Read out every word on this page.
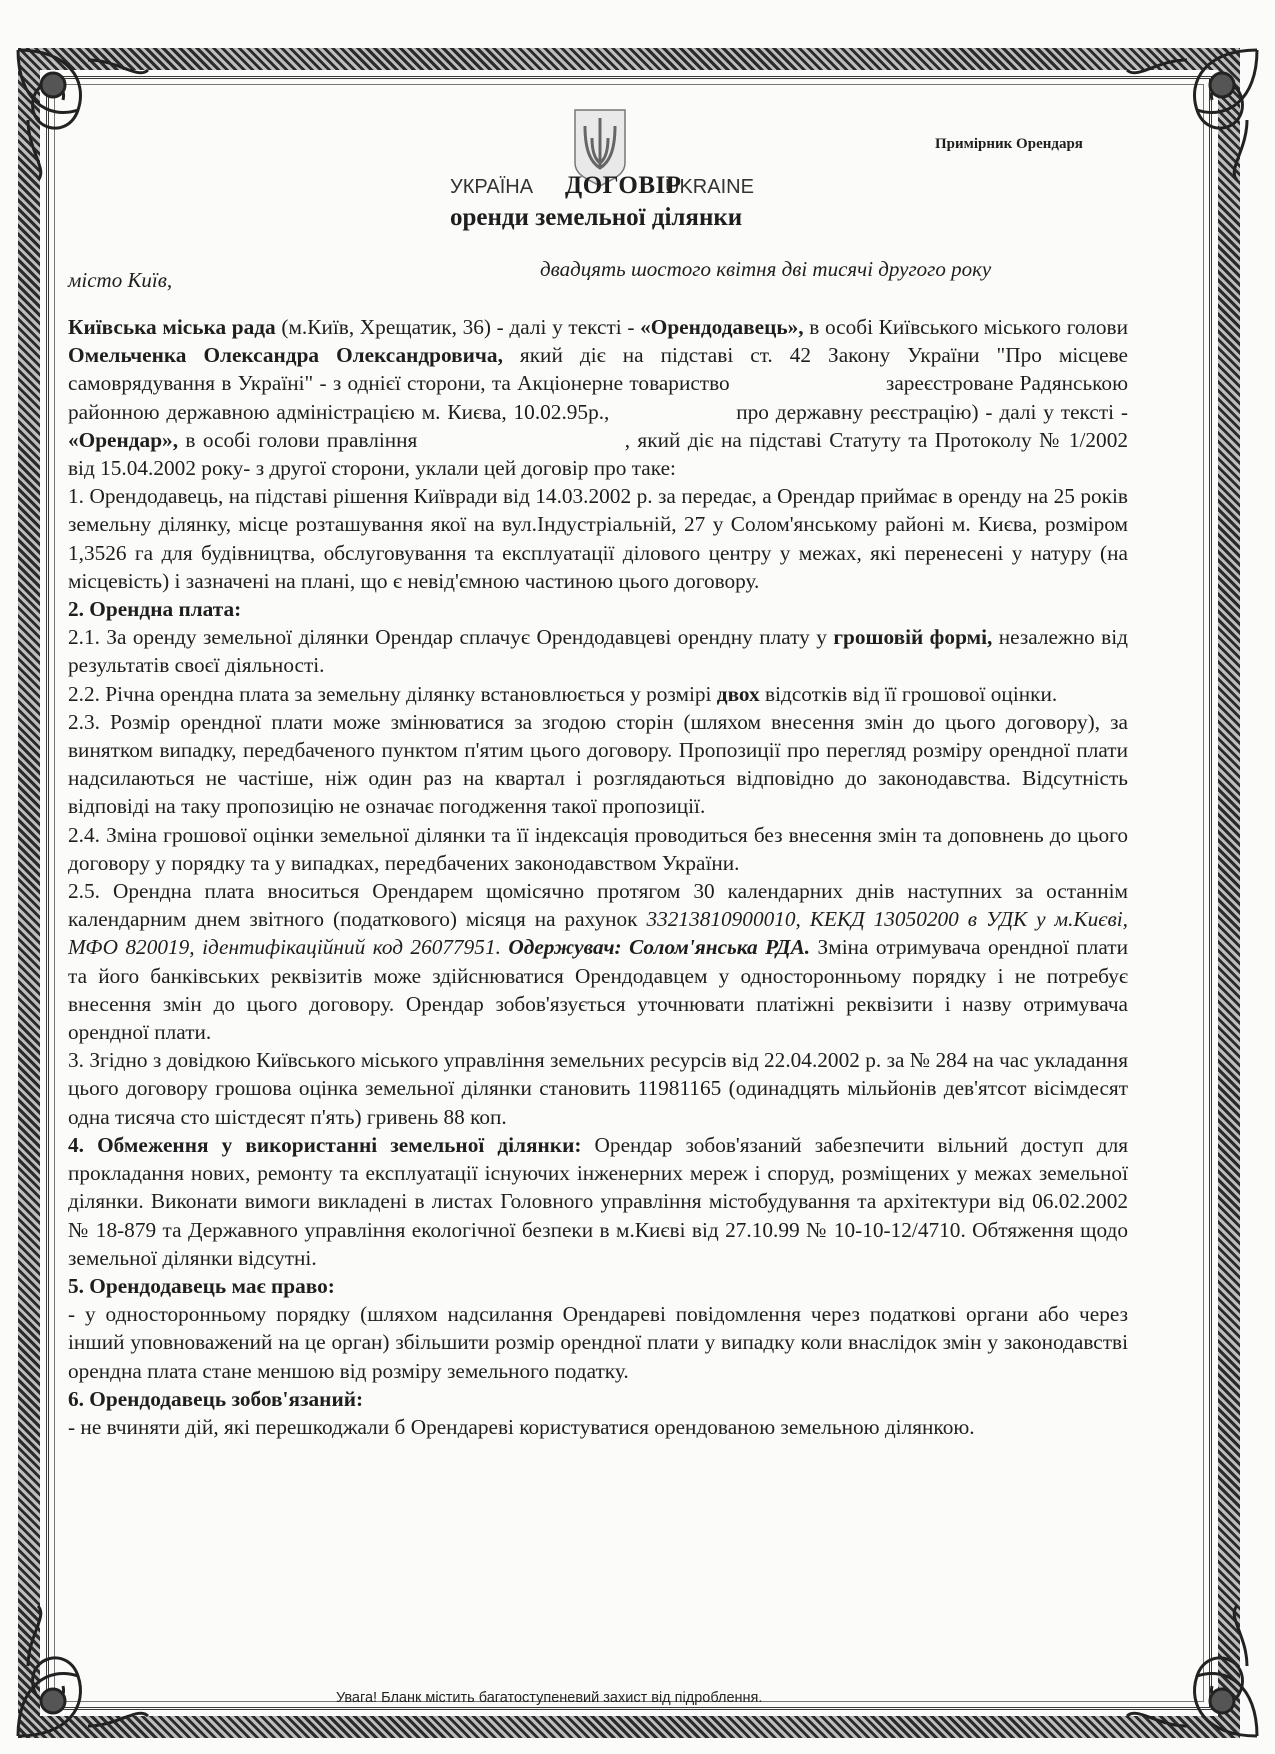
Примірник Орендаря
УКРАЇНА	UKRAINE
ДОГОВІР
оренди земельної ділянки
місто Київ,	двадцять шостого квітня дві тисячі другого року

Київська міська рада (м.Київ, Хрещатик, 36) - далі у тексті - «Орендодавець», в особі Київського міського голови Омельченка Олександра Олександровича, який діє на підставі ст. 42 Закону України "Про місцеве самоврядування в Україні" - з однієї сторони, та Акціонерне товариство	зареєстроване Радянською районною державною адміністрацією м. Києва, 10.02.95р.,	про державну реєстрацію) - далі у тексті - «Орендар», в особі голови правління	, який діє на підставі Статуту та Протоколу № 1/2002 від 15.04.2002 року- з другої сторони, уклали цей договір про таке:

1. Орендодавець, на підставі рішення Київради від 14.03.2002 р. за передає, а Орендар приймає в оренду на 25 років земельну ділянку, місце розташування якої на вул.Індустріальній, 27 у Солом'янському районі м. Києва, розміром 1,3526 га для будівництва, обслуговування та експлуатації ділового центру у межах, які перенесені у натуру (на місцевість) і зазначені на плані, що є невід'ємною частиною цього договору.

2. Орендна плата:

2.1. За оренду земельної ділянки Орендар сплачує Орендодавцеві орендну плату у грошовій формі, незалежно від результатів своєї діяльності.

2.2. Річна орендна плата за земельну ділянку встановлюється у розмірі двох відсотків від її грошової оцінки.

2.3. Розмір орендної плати може змінюватися за згодою сторін (шляхом внесення змін до цього договору), за винятком випадку, передбаченого пунктом п'ятим цього договору. Пропозиції про перегляд розміру орендної плати надсилаються не частіше, ніж один раз на квартал і розглядаються відповідно до законодавства. Відсутність відповіді на таку пропозицію не означає погодження такої пропозиції.

2.4. Зміна грошової оцінки земельної ділянки та її індексація проводиться без внесення змін та доповнень до цього договору у порядку та у випадках, передбачених законодавством України.

2.5. Орендна плата вноситься Орендарем щомісячно протягом 30 календарних днів наступних за останнім календарним днем звітного (податкового) місяця на рахунок 33213810900010, КЕКД 13050200 в УДК у м.Києві, МФО 820019, ідентифікаційний код 26077951. Одержувач: Солом'янська РДА. Зміна отримувача орендної плати та його банківських реквізитів може здійснюватися Орендодавцем у односторонньому порядку і не потребує внесення змін до цього договору. Орендар зобов'язується уточнювати платіжні реквізити і назву отримувача орендної плати.

3. Згідно з довідкою Київського міського управління земельних ресурсів від 22.04.2002 р. за № 284 на час укладання цього договору грошова оцінка земельної ділянки становить 11981165 (одинадцять мільйонів дев'ятсот вісімдесят одна тисяча сто шістдесят п'ять) гривень 88 коп.

4. Обмеження у використанні земельної ділянки: Орендар зобов'язаний забезпечити вільний доступ для прокладання нових, ремонту та експлуатації існуючих інженерних мереж і споруд, розміщених у межах земельної ділянки. Виконати вимоги викладені в листах Головного управління містобудування та архітектури від 06.02.2002 № 18-879 та Державного управління екологічної безпеки в м.Києві від 27.10.99 № 10-10-12/4710. Обтяження щодо земельної ділянки відсутні.

5. Орендодавець має право:

- у односторонньому порядку (шляхом надсилання Орендареві повідомлення через податкові органи або через інший уповноважений на це орган) збільшити розмір орендної плати у випадку коли внаслідок змін у законодавстві орендна плата стане меншою від розміру земельного податку.

6. Орендодавець зобов'язаний:

- не вчиняти дій, які перешкоджали б Орендареві користуватися орендованою земельною ділянкою.

Увага! Бланк містить багатоступеневий захист від підроблення.
